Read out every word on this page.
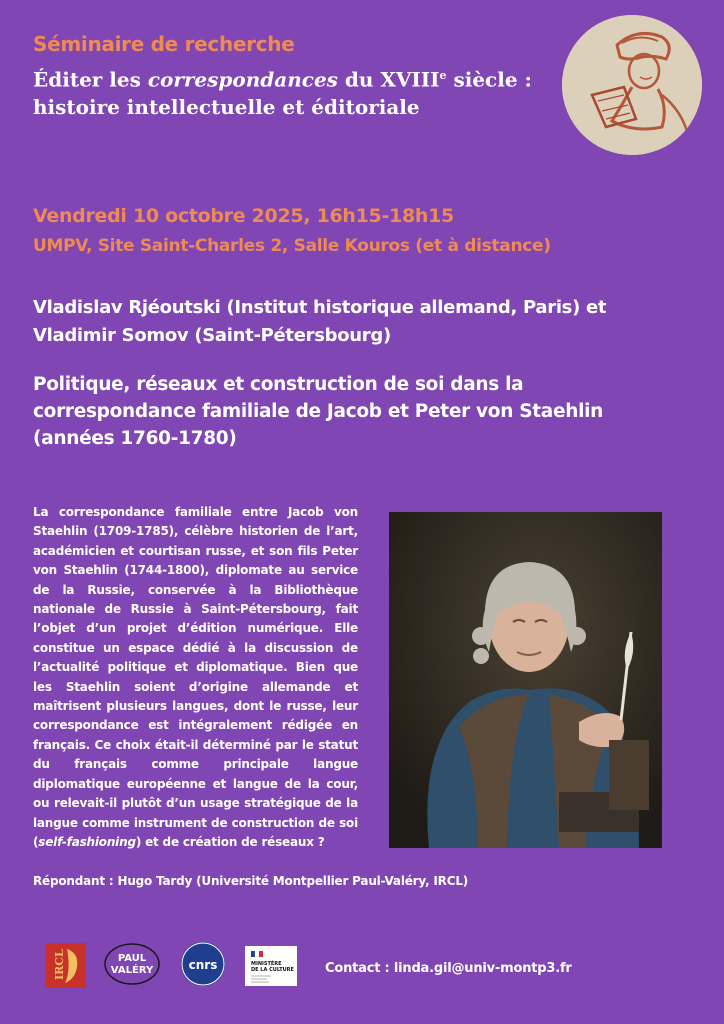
Séminaire de recherche
Éditer les correspondances du XVIIIe siècle :
histoire intellectuelle et éditoriale
Vendredi 10 octobre 2025, 16h15-18h15
UMPV, Site Saint-Charles 2, Salle Kouros (et à distance)
Vladislav Rjéoutski (Institut historique allemand, Paris) et
Vladimir Somov (Saint-Pétersbourg)
Politique, réseaux et construction de soi dans la
correspondance familiale de Jacob et Peter von Staehlin
(années 1760-1780)
La correspondance familiale entre Jacob von Staehlin (1709-1785), célèbre historien de l’art, académicien et courtisan russe, et son fils Peter von Staehlin (1744-1800), diplomate au service de la Russie, conservée à la Bibliothèque nationale de Russie à Saint-Pétersbourg, fait l’objet d’un projet d’édition numérique. Elle constitue un espace dédié à la discussion de l’actualité politique et diplomatique. Bien que les Staehlin soient d’origine allemande et maîtrisent plusieurs langues, dont le russe, leur correspondance est intégralement rédigée en français. Ce choix était-il déterminé par le statut du français comme principale langue diplomatique européenne et langue de la cour, ou relevait-il plutôt d’un usage stratégique de la langue comme instrument de construction de soi (self-fashioning) et de création de réseaux ?
Répondant : Hugo Tardy (Université Montpellier Paul-Valéry, IRCL)
IRCL	PAUL
VALÉRY	cnrs	MINISTÈRE
DE LA CULTURE Contact : linda.gil@univ-montp3.fr
